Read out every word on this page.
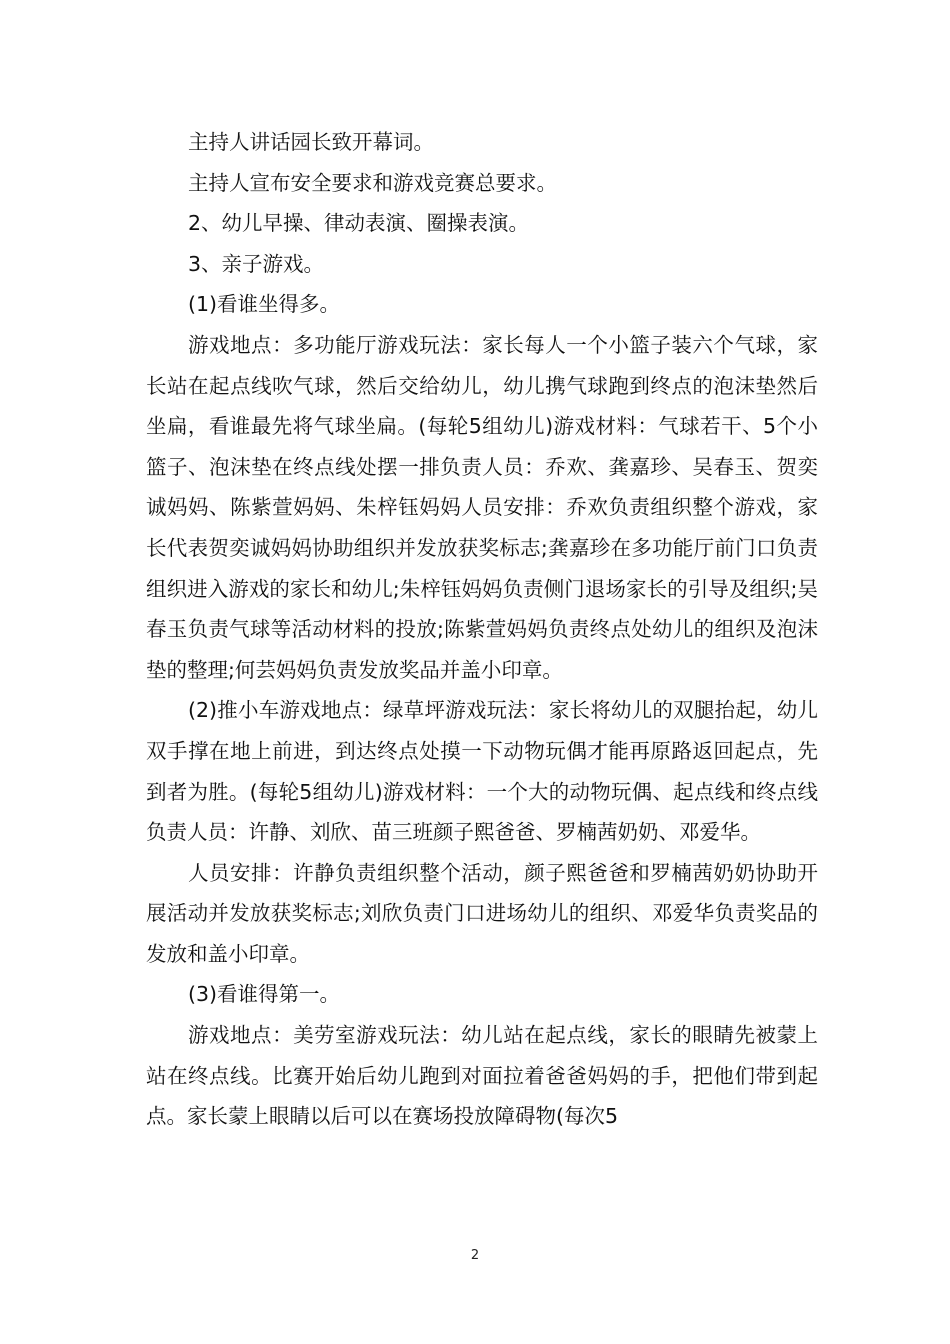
主持人讲话园长致开幕词。

主持人宣布安全要求和游戏竞赛总要求。

2、幼儿早操、律动表演、圈操表演。

3、亲子游戏。

(1)看谁坐得多。

游戏地点：多功能厅游戏玩法：家长每人一个小篮子装六个气球，家长站在起点线吹气球，然后交给幼儿，幼儿携气球跑到终点的泡沫垫然后坐扁，看谁最先将气球坐扁。(每轮5组幼儿)游戏材料：气球若干、5个小篮子、泡沫垫在终点线处摆一排负责人员：乔欢、龚嘉珍、吴春玉、贺奕诚妈妈、陈紫萱妈妈、朱梓钰妈妈人员安排：乔欢负责组织整个游戏，家长代表贺奕诚妈妈协助组织并发放获奖标志;龚嘉珍在多功能厅前门口负责组织进入游戏的家长和幼儿;朱梓钰妈妈负责侧门退场家长的引导及组织;吴春玉负责气球等活动材料的投放;陈紫萱妈妈负责终点处幼儿的组织及泡沫垫的整理;何芸妈妈负责发放奖品并盖小印章。

(2)推小车游戏地点：绿草坪游戏玩法：家长将幼儿的双腿抬起，幼儿双手撑在地上前进，到达终点处摸一下动物玩偶才能再原路返回起点，先到者为胜。(每轮5组幼儿)游戏材料：一个大的动物玩偶、起点线和终点线负责人员：许静、刘欣、苗三班颜子熙爸爸、罗楠茜奶奶、邓爱华。

人员安排：许静负责组织整个活动，颜子熙爸爸和罗楠茜奶奶协助开展活动并发放获奖标志;刘欣负责门口进场幼儿的组织、邓爱华负责奖品的发放和盖小印章。

(3)看谁得第一。

游戏地点：美劳室游戏玩法：幼儿站在起点线，家长的眼睛先被蒙上站在终点线。比赛开始后幼儿跑到对面拉着爸爸妈妈的手，把他们带到起点。家长蒙上眼睛以后可以在赛场投放障碍物(每次5

2
